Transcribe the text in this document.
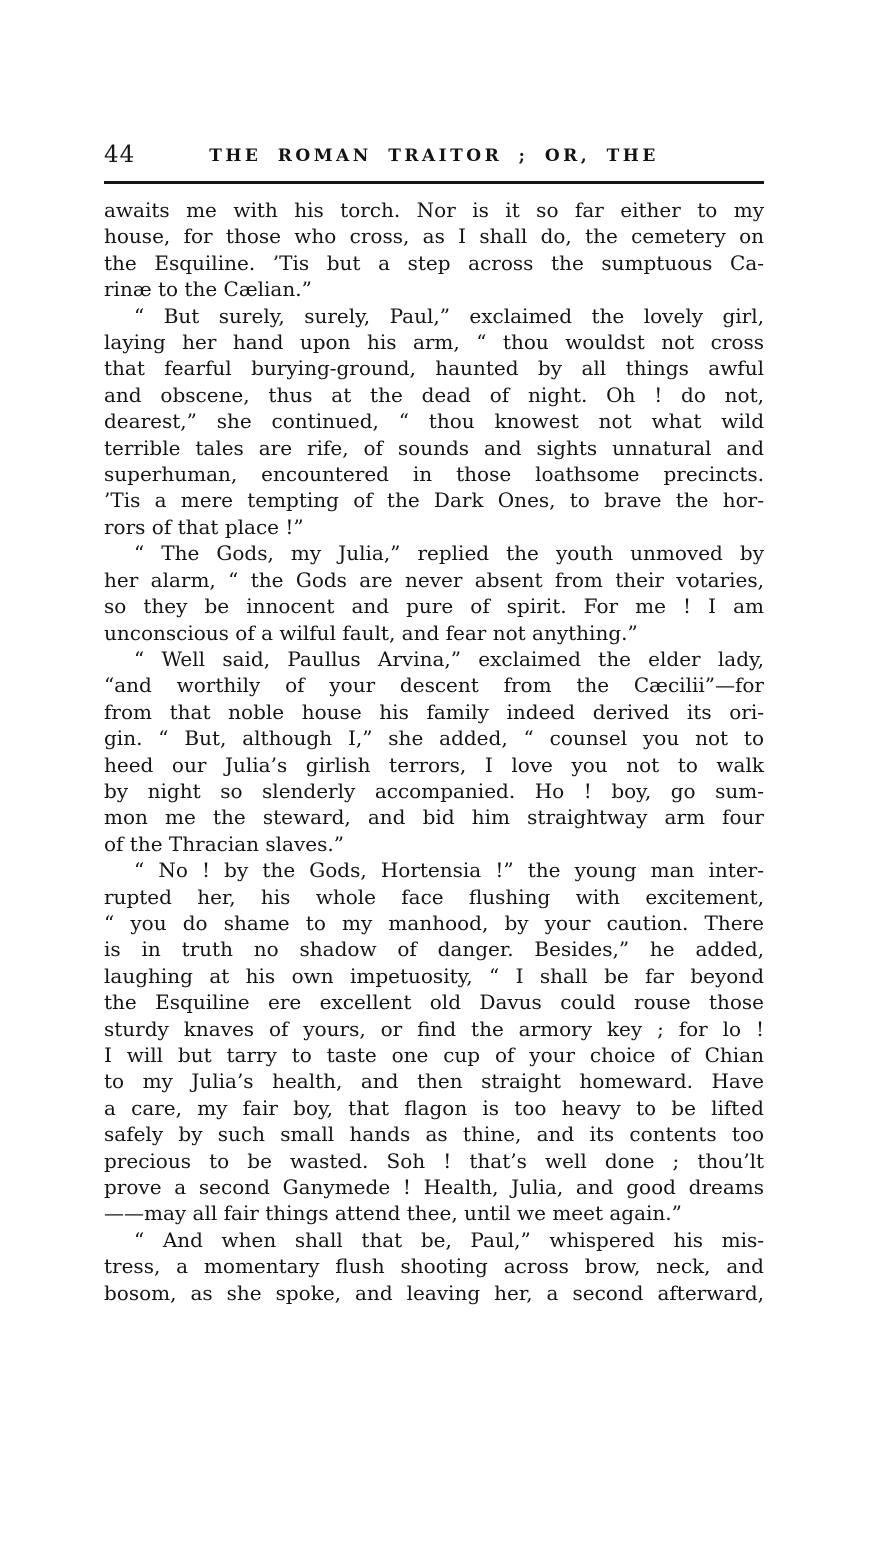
44	THE ROMAN TRAITOR ; OR, THE

awaits me with his torch. Nor is it so far either to my
house, for those who cross, as I shall do, the cemetery on
the Esquiline. ’Tis but a step across the sumptuous Ca-
rinæ to the Cælian.”

“ But surely, surely, Paul,” exclaimed the lovely girl,
laying her hand upon his arm, “ thou wouldst not cross
that fearful burying-ground, haunted by all things awful
and obscene, thus at the dead of night. Oh ! do not,
dearest,” she continued, “ thou knowest not what wild
terrible tales are rife, of sounds and sights unnatural and
superhuman, encountered in those loathsome precincts.
’Tis a mere tempting of the Dark Ones, to brave the hor-
rors of that place !”

“ The Gods, my Julia,” replied the youth unmoved by
her alarm, “ the Gods are never absent from their votaries,
so they be innocent and pure of spirit. For me ! I am
unconscious of a wilful fault, and fear not anything.”

“ Well said, Paullus Arvina,” exclaimed the elder lady,
“and worthily of your descent from the Cæcilii”—for
from that noble house his family indeed derived its ori-
gin. “ But, although I,” she added, “ counsel you not to
heed our Julia’s girlish terrors, I love you not to walk
by night so slenderly accompanied. Ho ! boy, go sum-
mon me the steward, and bid him straightway arm four
of the Thracian slaves.”

“ No ! by the Gods, Hortensia !” the young man inter-
rupted her, his whole face flushing with excitement,
“ you do shame to my manhood, by your caution. There
is in truth no shadow of danger. Besides,” he added,
laughing at his own impetuosity, “ I shall be far beyond
the Esquiline ere excellent old Davus could rouse those
sturdy knaves of yours, or find the armory key ; for lo !
I will but tarry to taste one cup of your choice of Chian
to my Julia’s health, and then straight homeward. Have
a care, my fair boy, that flagon is too heavy to be lifted
safely by such small hands as thine, and its contents too
precious to be wasted. Soh ! that’s well done ; thou’lt
prove a second Ganymede ! Health, Julia, and good dreams
——may all fair things attend thee, until we meet again.”

“ And when shall that be, Paul,” whispered his mis-
tress, a momentary flush shooting across brow, neck, and
bosom, as she spoke, and leaving her, a second afterward,
